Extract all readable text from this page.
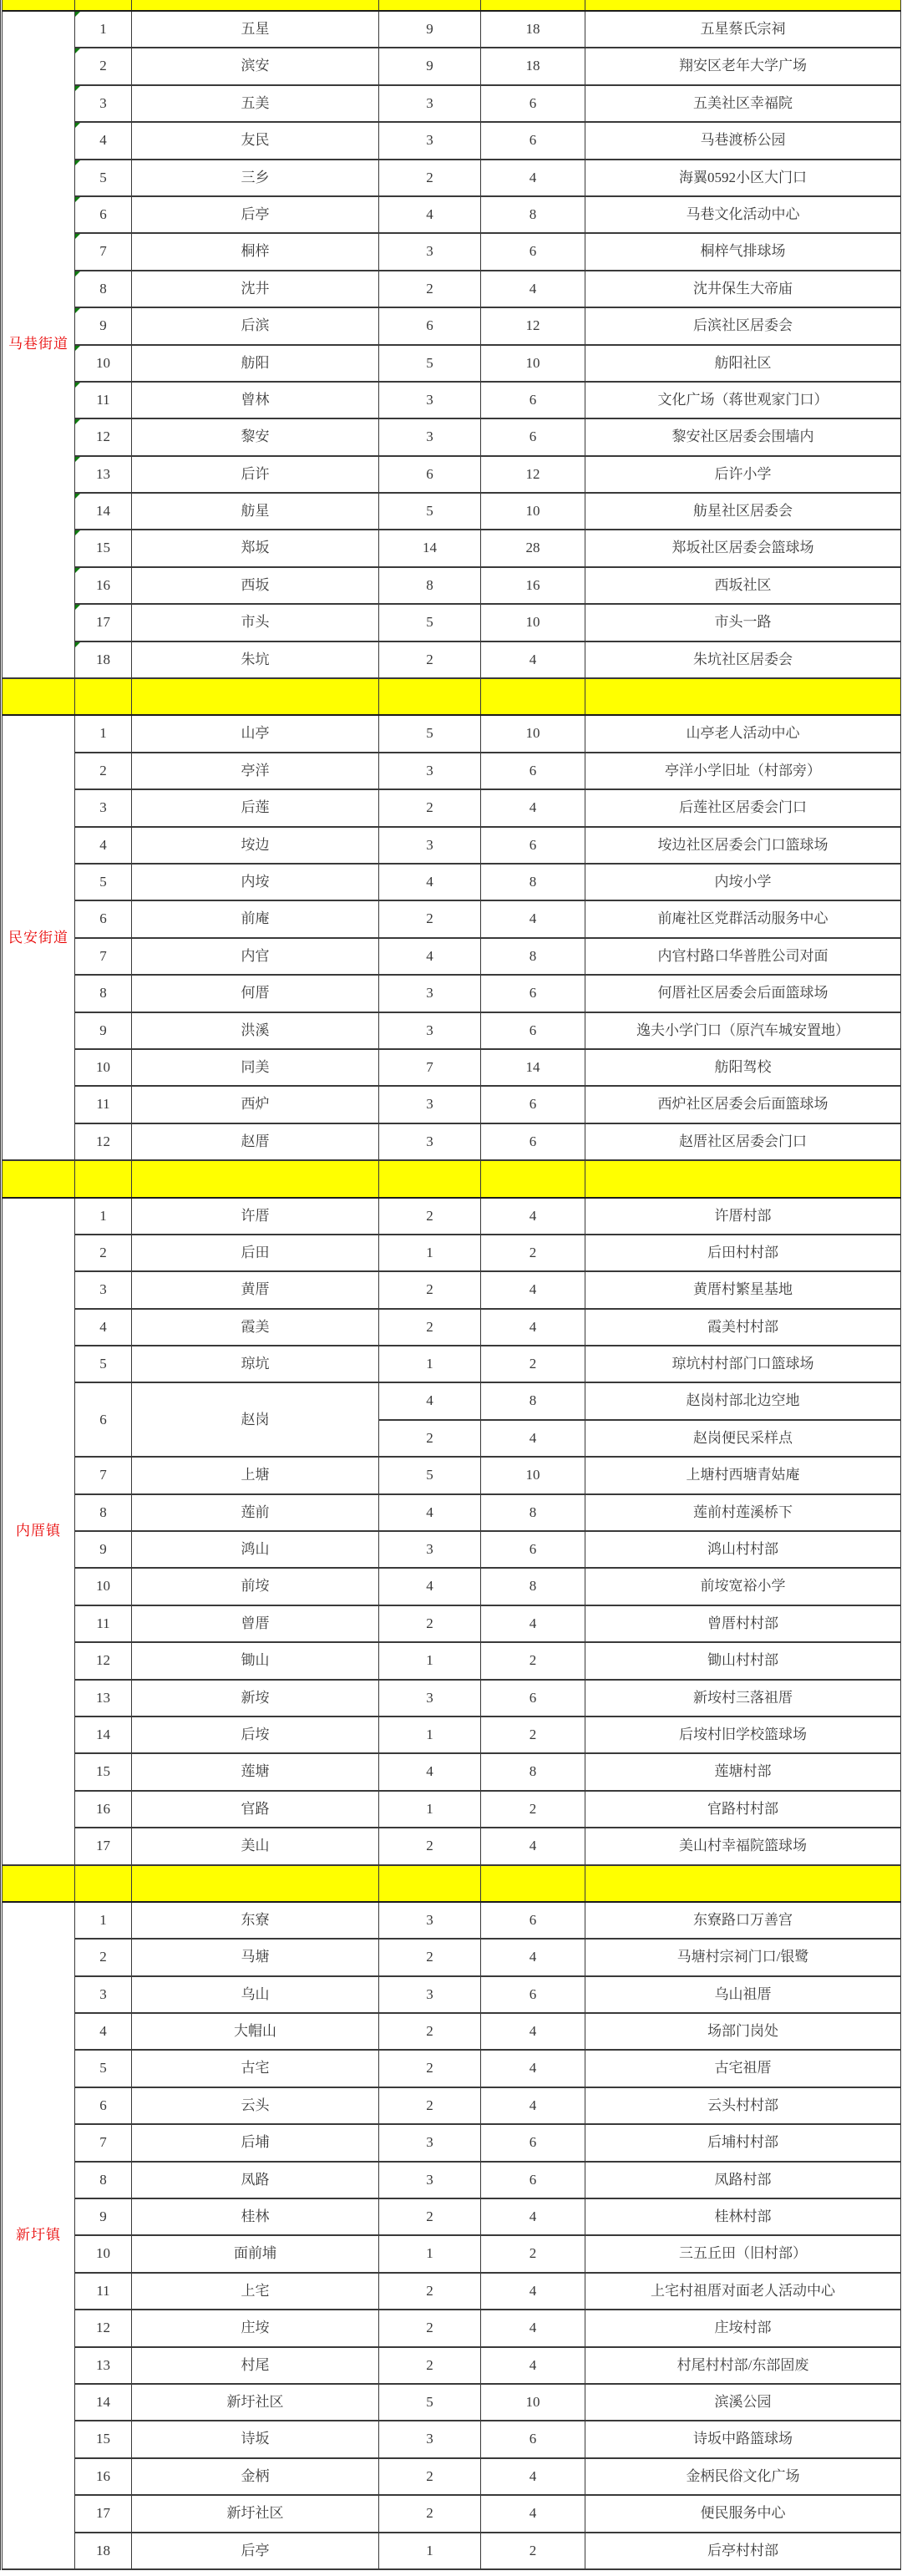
马巷街道	1	五星	9	18	五星蔡氏宗祠
	2	滨安	9	18	翔安区老年大学广场
	3	五美	3	6	五美社区幸福院
	4	友民	3	6	马巷渡桥公园
	5	三乡	2	4	海翼0592小区大门口
	6	后亭	4	8	马巷文化活动中心
	7	桐梓	3	6	桐梓气排球场
	8	沈井	2	4	沈井保生大帝庙
	9	后滨	6	12	后滨社区居委会
	10	舫阳	5	10	舫阳社区
	11	曾林	3	6	文化广场（蒋世观家门口）
	12	黎安	3	6	黎安社区居委会围墙内
	13	后许	6	12	后许小学
	14	舫星	5	10	舫星社区居委会
	15	郑坂	14	28	郑坂社区居委会篮球场
	16	西坂	8	16	西坂社区
	17	市头	5	10	市头一路
	18	朱坑	2	4	朱坑社区居委会

民安街道	1	山亭	5	10	山亭老人活动中心
	2	亭洋	3	6	亭洋小学旧址（村部旁）
	3	后莲	2	4	后莲社区居委会门口
	4	垵边	3	6	垵边社区居委会门口篮球场
	5	内垵	4	8	内垵小学
	6	前庵	2	4	前庵社区党群活动服务中心
	7	内官	4	8	内官村路口华普胜公司对面
	8	何厝	3	6	何厝社区居委会后面篮球场
	9	洪溪	3	6	逸夫小学门口（原汽车城安置地）
	10	同美	7	14	舫阳驾校
	11	西炉	3	6	西炉社区居委会后面篮球场
	12	赵厝	3	6	赵厝社区居委会门口

内厝镇	1	许厝	2	4	许厝村部
	2	后田	1	2	后田村村部
	3	黄厝	2	4	黄厝村繁星基地
	4	霞美	2	4	霞美村村部
	5	琼坑	1	2	琼坑村村部门口篮球场
	6	赵岗	4	8	赵岗村部北边空地
			2	4	赵岗便民采样点
	7	上塘	5	10	上塘村西塘青姑庵
	8	莲前	4	8	莲前村莲溪桥下
	9	鸿山	3	6	鸿山村村部
	10	前垵	4	8	前垵宽裕小学
	11	曾厝	2	4	曾厝村村部
	12	锄山	1	2	锄山村村部
	13	新垵	3	6	新垵村三落祖厝
	14	后垵	1	2	后垵村旧学校篮球场
	15	莲塘	4	8	莲塘村部
	16	官路	1	2	官路村村部
	17	美山	2	4	美山村幸福院篮球场

新圩镇	1	东寮	3	6	东寮路口万善宫
	2	马塘	2	4	马塘村宗祠门口/银鹭
	3	乌山	3	6	乌山祖厝
	4	大帽山	2	4	场部门岗处
	5	古宅	2	4	古宅祖厝
	6	云头	2	4	云头村村部
	7	后埔	3	6	后埔村村部
	8	凤路	3	6	凤路村部
	9	桂林	2	4	桂林村部
	10	面前埔	1	2	三五丘田（旧村部）
	11	上宅	2	4	上宅村祖厝对面老人活动中心
	12	庄垵	2	4	庄垵村部
	13	村尾	2	4	村尾村村部/东部固废
	14	新圩社区	5	10	滨溪公园
	15	诗坂	3	6	诗坂中路篮球场
	16	金柄	2	4	金柄民俗文化广场
	17	新圩社区	2	4	便民服务中心
	18	后亭	1	2	后亭村村部
